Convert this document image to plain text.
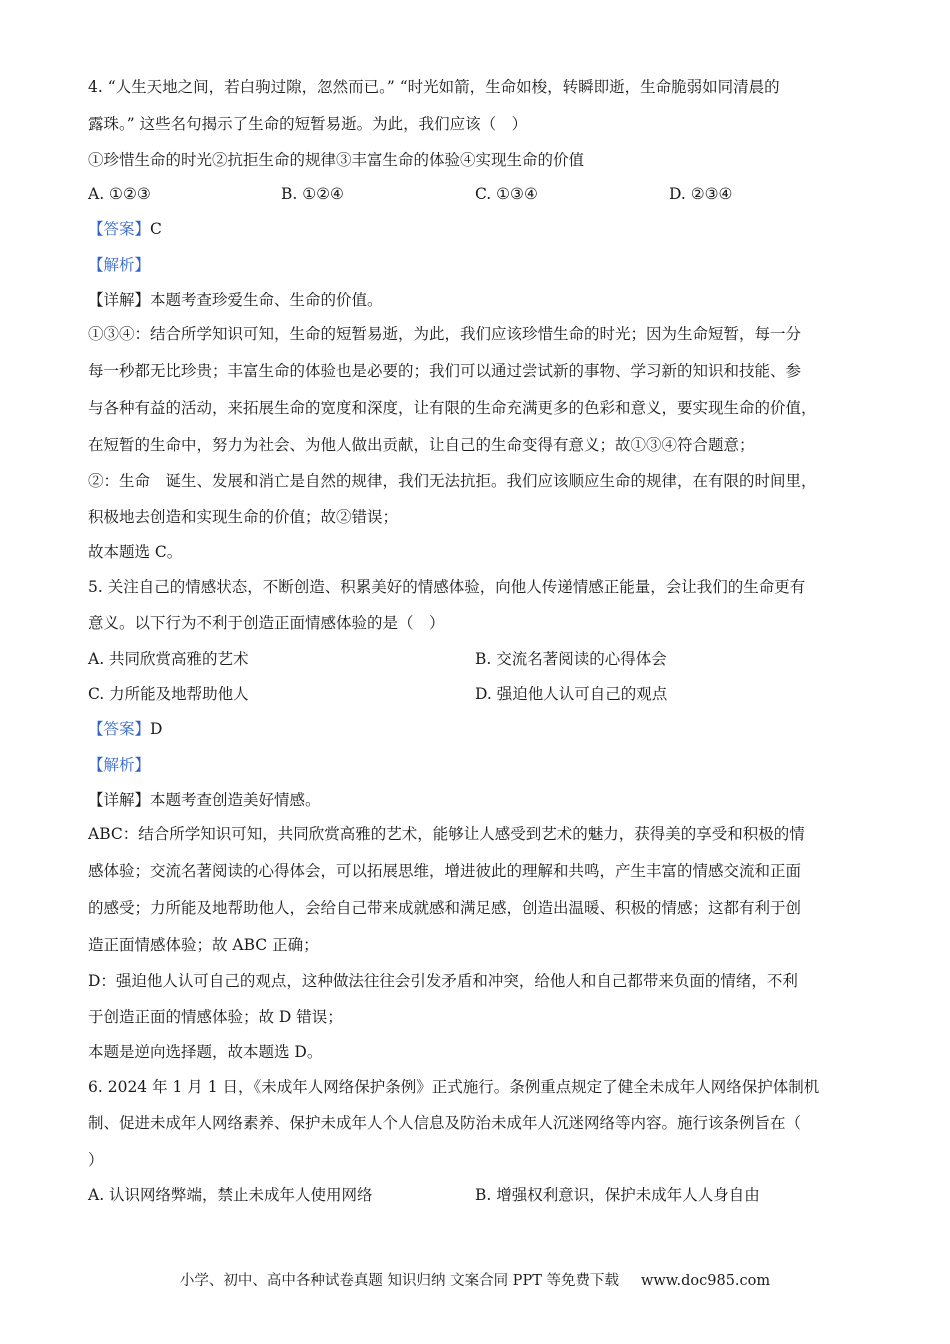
4. “人生天地之间，若白驹过隙，忽然而已。” “时光如箭，生命如梭，转瞬即逝，生命脆弱如同清晨的
露珠。” 这些名句揭示了生命的短暂易逝。为此，我们应该（　）
①珍惜生命的时光②抗拒生命的规律③丰富生命的体验④实现生命的价值
A. ①②③	B. ①②④	C. ①③④	D. ②③④
【答案】C
【解析】
【详解】本题考查珍爱生命、生命的价值。
①③④：结合所学知识可知，生命的短暂易逝，为此，我们应该珍惜生命的时光；因为生命短暂，每一分
每一秒都无比珍贵；丰富生命的体验也是必要的；我们可以通过尝试新的事物、学习新的知识和技能、参
与各种有益的活动，来拓展生命的宽度和深度，让有限的生命充满更多的色彩和意义，要实现生命的价值，
在短暂的生命中，努力为社会、为他人做出贡献，让自己的生命变得有意义；故①③④符合题意；
②：生命　诞生、发展和消亡是自然的规律，我们无法抗拒。我们应该顺应生命的规律，在有限的时间里，
积极地去创造和实现生命的价值；故②错误；
故本题选 C。
5. 关注自己的情感状态，不断创造、积累美好的情感体验，向他人传递情感正能量，会让我们的生命更有
意义。以下行为不利于创造正面情感体验的是（　）
A. 共同欣赏高雅的艺术	B. 交流名著阅读的心得体会
C. 力所能及地帮助他人	D. 强迫他人认可自己的观点
【答案】D
【解析】
【详解】本题考查创造美好情感。
ABC：结合所学知识可知，共同欣赏高雅的艺术，能够让人感受到艺术的魅力，获得美的享受和积极的情
感体验；交流名著阅读的心得体会，可以拓展思维，增进彼此的理解和共鸣，产生丰富的情感交流和正面
的感受；力所能及地帮助他人，会给自己带来成就感和满足感，创造出温暖、积极的情感；这都有利于创
造正面情感体验；故 ABC 正确；
D：强迫他人认可自己的观点，这种做法往往会引发矛盾和冲突，给他人和自己都带来负面的情绪，不利
于创造正面的情感体验；故 D 错误；
本题是逆向选择题，故本题选 D。
6. 2024 年 1 月 1 日，《未成年人网络保护条例》正式施行。条例重点规定了健全未成年人网络保护体制机
制、促进未成年人网络素养、保护未成年人个人信息及防治未成年人沉迷网络等内容。施行该条例旨在（
）
A. 认识网络弊端，禁止未成年人使用网络	B. 增强权利意识，保护未成年人人身自由
小学、初中、高中各种试卷真题 知识归纳 文案合同 PPT 等免费下载 www.doc985.com
